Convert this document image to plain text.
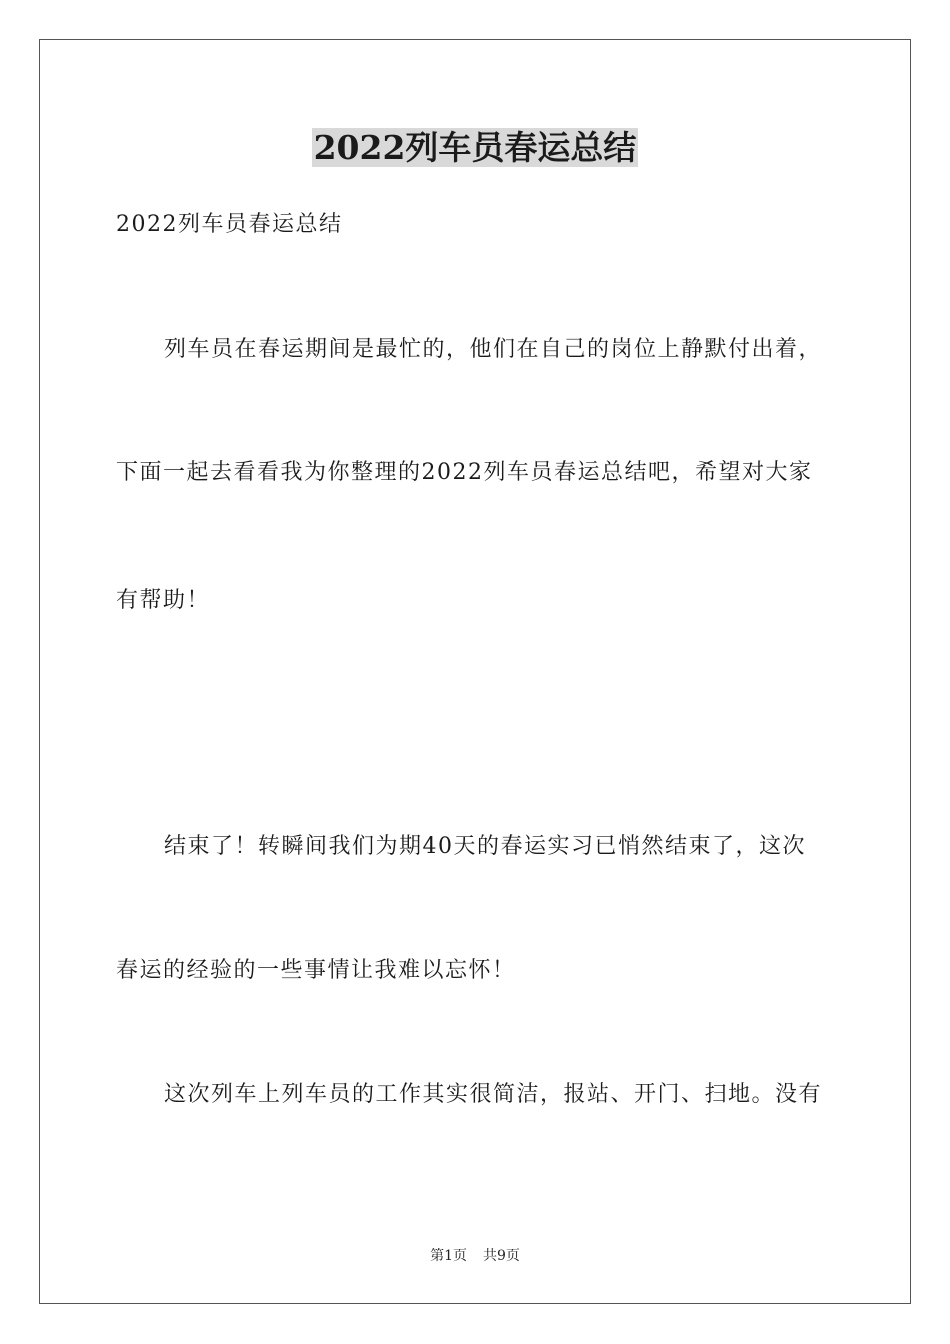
2022列车员春运总结
2022列车员春运总结
列车员在春运期间是最忙的，他们在自己的岗位上静默付出着，
下面一起去看看我为你整理的2022列车员春运总结吧，希望对大家
有帮助！
结束了！转瞬间我们为期40天的春运实习已悄然结束了，这次
春运的经验的一些事情让我难以忘怀！
这次列车上列车员的工作其实很简洁，报站、开门、扫地。没有
第1页 共9页
